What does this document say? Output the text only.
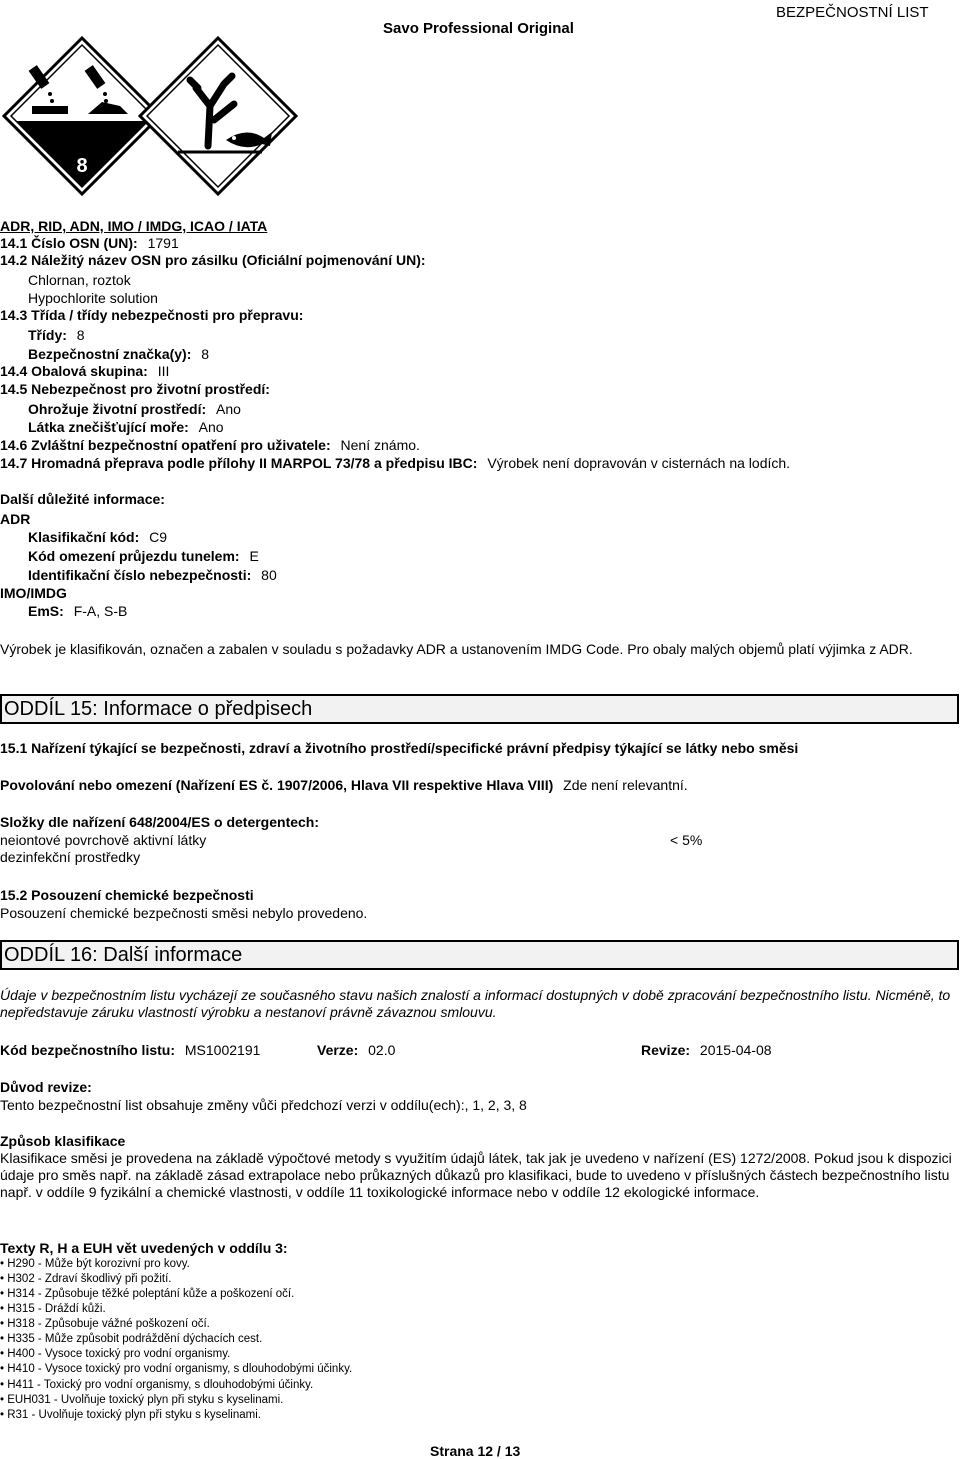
Savo Professional Original
BEZPEČNOSTNÍ LIST
8
ADR, RID, ADN, IMO / IMDG, ICAO / IATA
14.1 Číslo OSN (UN): 1791
14.2 Náležitý název OSN pro zásilku (Oficiální pojmenování UN):
Chlornan, roztok
Hypochlorite solution
14.3 Třída / třídy nebezpečnosti pro přepravu:
Třídy: 8
Bezpečnostní značka(y): 8
14.4 Obalová skupina: III
14.5 Nebezpečnost pro životní prostředí:
Ohrožuje životní prostředí: Ano
Látka znečišťující moře: Ano
14.6 Zvláštní bezpečnostní opatření pro uživatele: Není známo.
14.7 Hromadná přeprava podle přílohy II MARPOL 73/78 a předpisu IBC: Výrobek není dopravován v cisternách na lodích.
Další důležité informace:
ADR
Klasifikační kód: C9
Kód omezení průjezdu tunelem: E
Identifikační číslo nebezpečnosti: 80
IMO/IMDG
EmS: F-A, S-B
Výrobek je klasifikován, označen a zabalen v souladu s požadavky ADR a ustanovením IMDG Code. Pro obaly malých objemů platí výjimka z ADR.
ODDÍL 15: Informace o předpisech
15.1 Nařízení týkající se bezpečnosti, zdraví a životního prostředí/specifické právní předpisy týkající se látky nebo směsi
Povolování nebo omezení (Nařízení ES č. 1907/2006, Hlava VII respektive Hlava VIII) Zde není relevantní.
Složky dle nařízení 648/2004/ES o detergentech:
neiontové povrchově aktivní látky	< 5%
dezinfekční prostředky
15.2 Posouzení chemické bezpečnosti
Posouzení chemické bezpečnosti směsi nebylo provedeno.
ODDÍL 16: Další informace
Údaje v bezpečnostním listu vycházejí ze současného stavu našich znalostí a informací dostupných v době zpracování bezpečnostního listu. Nicméně, to nepředstavuje záruku vlastností výrobku a nestanoví právně závaznou smlouvu.
Kód bezpečnostního listu: MS1002191	Verze: 02.0	Revize: 2015-04-08
Důvod revize:
Tento bezpečnostní list obsahuje změny vůči předchozí verzi v oddílu(ech):, 1, 2, 3, 8
Způsob klasifikace
Klasifikace směsi je provedena na základě výpočtové metody s využitím údajů látek, tak jak je uvedeno v nařízení (ES) 1272/2008. Pokud jsou k dispozici údaje pro směs např. na základě zásad extrapolace nebo průkazných důkazů pro klasifikaci, bude to uvedeno v příslušných částech bezpečnostního listu např. v oddíle 9 fyzikální a chemické vlastnosti, v oddíle 11 toxikologické informace nebo v oddíle 12 ekologické informace.
Texty R, H a EUH vět uvedených v oddílu 3:
• H290 - Může být korozivní pro kovy.
• H302 - Zdraví škodlivý při požití.
• H314 - Způsobuje těžké poleptání kůže a poškození očí.
• H315 - Dráždí kůži.
• H318 - Způsobuje vážné poškození očí.
• H335 - Může způsobit podráždění dýchacích cest.
• H400 - Vysoce toxický pro vodní organismy.
• H410 - Vysoce toxický pro vodní organismy, s dlouhodobými účinky.
• H411 - Toxický pro vodní organismy, s dlouhodobými účinky.
• EUH031 - Uvolňuje toxický plyn při styku s kyselinami.
• R31 - Uvolňuje toxický plyn při styku s kyselinami.
Strana 12 / 13
